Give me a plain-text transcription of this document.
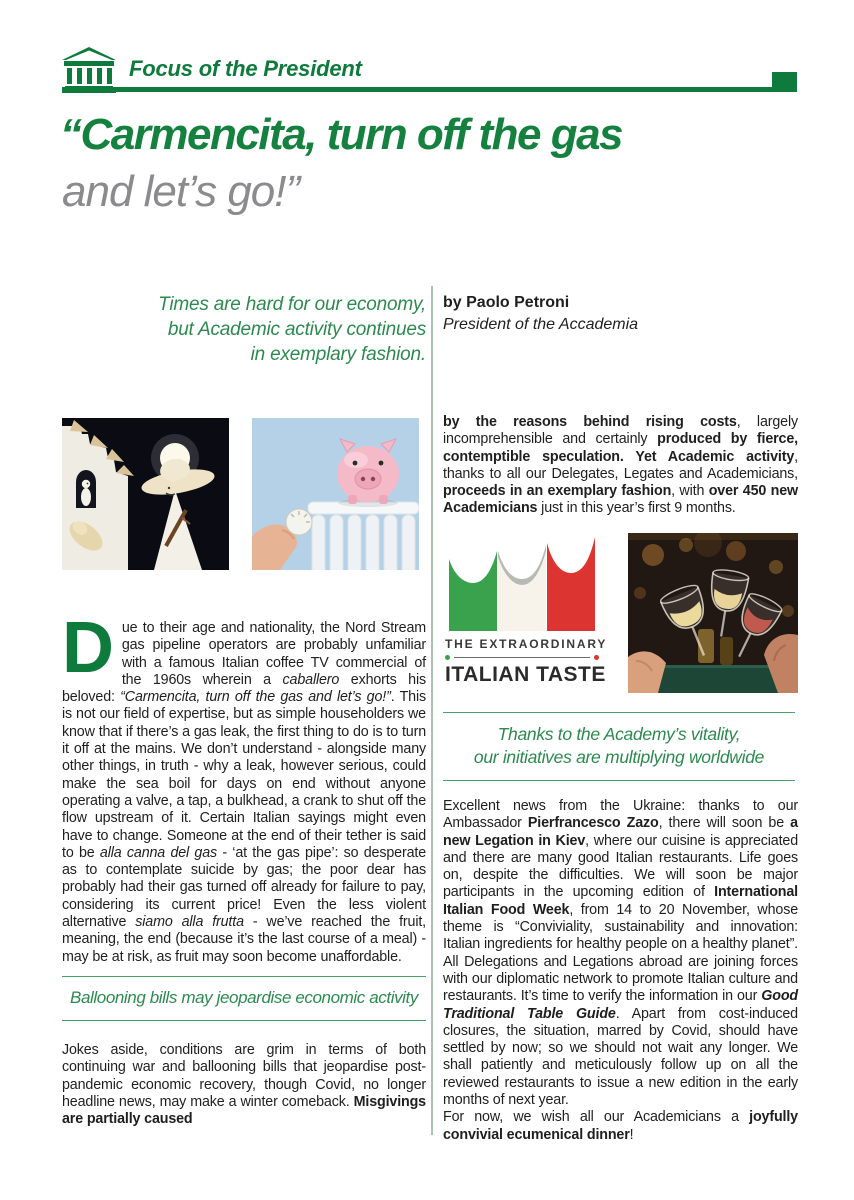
Focus of the President
“Carmencita, turn off the gas
and let’s go!”
Times are hard for our economy,
but Academic activity continues
in exemplary fashion.
by Paolo Petroni
President of the Accademia
Due to their age and nationality, the Nord Stream gas pipeline operators are probably unfamiliar with a famous Italian coffee TV commercial of the 1960s wherein a caballero exhorts his beloved: “Carmencita, turn off the gas and let’s go!”. This is not our field of expertise, but as simple householders we know that if there’s a gas leak, the first thing to do is to turn it off at the mains. We don’t understand - alongside many other things, in truth - why a leak, however serious, could make the sea boil for days on end without anyone operating a valve, a tap, a bulkhead, a crank to shut off the flow upstream of it. Certain Italian sayings might even have to change. Someone at the end of their tether is said to be alla canna del gas - ‘at the gas pipe’: so desperate as to contemplate suicide by gas; the poor dear has probably had their gas turned off already for failure to pay, considering its current price! Even the less violent alternative siamo alla frutta - we’ve reached the fruit, meaning, the end (because it’s the last course of a meal) - may be at risk, as fruit may soon become unaffordable.
Ballooning bills may jeopardise economic activity
Jokes aside, conditions are grim in terms of both continuing war and ballooning bills that jeopardise post-pandemic economic recovery, though Covid, no longer headline news, may make a winter comeback. Misgivings are partially caused
by the reasons behind rising costs, largely incomprehensible and certainly produced by fierce, contemptible speculation. Yet Academic activity, thanks to all our Delegates, Legates and Academicians, proceeds in an exemplary fashion, with over 450 new Academicians just in this year’s first 9 months.
THE EXTRAORDINARY
ITALIAN TASTE
Thanks to the Academy’s vitality,
our initiatives are multiplying worldwide
Excellent news from the Ukraine: thanks to our Ambassador Pierfrancesco Zazo, there will soon be a new Legation in Kiev, where our cuisine is appreciated and there are many good Italian restaurants. Life goes on, despite the difficulties. We will soon be major participants in the upcoming edition of International Italian Food Week, from 14 to 20 November, whose theme is “Conviviality, sustainability and innovation: Italian ingredients for healthy people on a healthy planet”. All Delegations and Legations abroad are joining forces with our diplomatic network to promote Italian culture and restaurants. It’s time to verify the information in our Good Traditional Table Guide. Apart from cost-induced closures, the situation, marred by Covid, should have settled by now; so we should not wait any longer. We shall patiently and meticulously follow up on all the reviewed restaurants to issue a new edition in the early months of next year.
For now, we wish all our Academicians a joyfully convivial ecumenical dinner!
